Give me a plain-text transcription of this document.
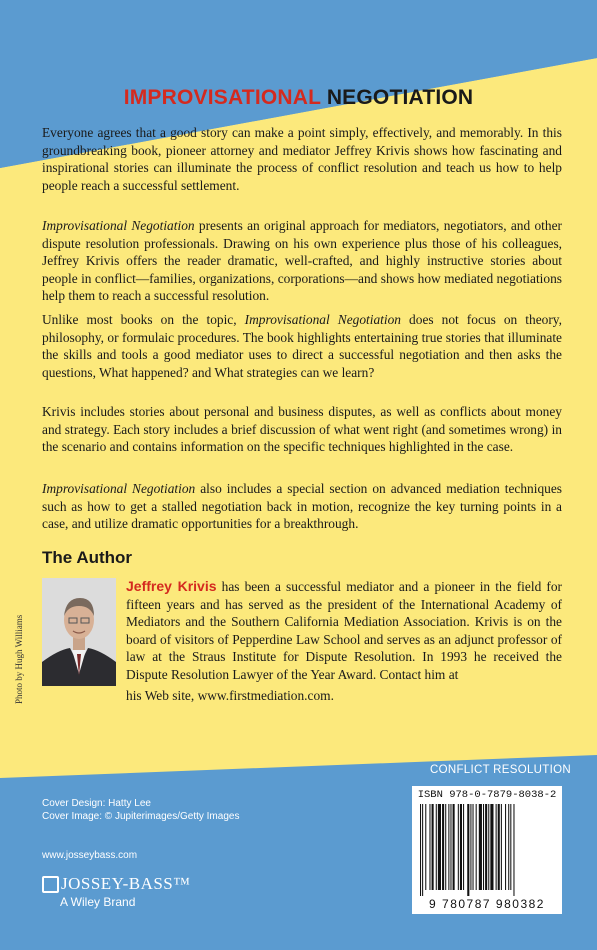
IMPROVISATIONAL NEGOTIATION
Everyone agrees that a good story can make a point simply, effectively, and memorably. In this groundbreaking book, pioneer attorney and mediator Jeffrey Krivis shows how fascinating and inspirational stories can illuminate the process of conflict resolution and teach us how to help people reach a successful settlement.
Improvisational Negotiation presents an original approach for mediators, negotiators, and other dispute resolution professionals. Drawing on his own experience plus those of his colleagues, Jeffrey Krivis offers the reader dramatic, well-crafted, and highly instructive stories about people in conflict—families, organizations, corporations—and shows how mediated negotiations help them to reach a successful resolution.
Unlike most books on the topic, Improvisational Negotiation does not focus on theory, philosophy, or formulaic procedures. The book highlights entertaining true stories that illuminate the skills and tools a good mediator uses to direct a successful negotiation and then asks the questions, What happened? and What strategies can we learn?
Krivis includes stories about personal and business disputes, as well as conflicts about money and strategy. Each story includes a brief discussion of what went right (and sometimes wrong) in the scenario and contains information on the specific techniques highlighted in the case.
Improvisational Negotiation also includes a special section on advanced mediation techniques such as how to get a stalled negotiation back in motion, recognize the key turning points in a case, and utilize dramatic opportunities for a breakthrough.
The Author
Photo by Hugh Williams
Jeffrey Krivis has been a successful mediator and a pioneer in the field for fifteen years and has served as the president of the International Academy of Mediators and the Southern California Mediation Association. Krivis is on the board of visitors of Pepperdine Law School and serves as an adjunct professor of law at the Straus Institute for Dispute Resolution. In 1993 he received the Dispute Resolution Lawyer of the Year Award. Contact him at
his Web site, www.firstmediation.com.
CONFLICT RESOLUTION
Cover Design: Hatty Lee
Cover Image: © Jupiterimages/Getty Images
www.josseybass.com
JOSSEY-BASS™
A Wiley Brand
ISBN 978-0-7879-8038-2
9 780787 980382
